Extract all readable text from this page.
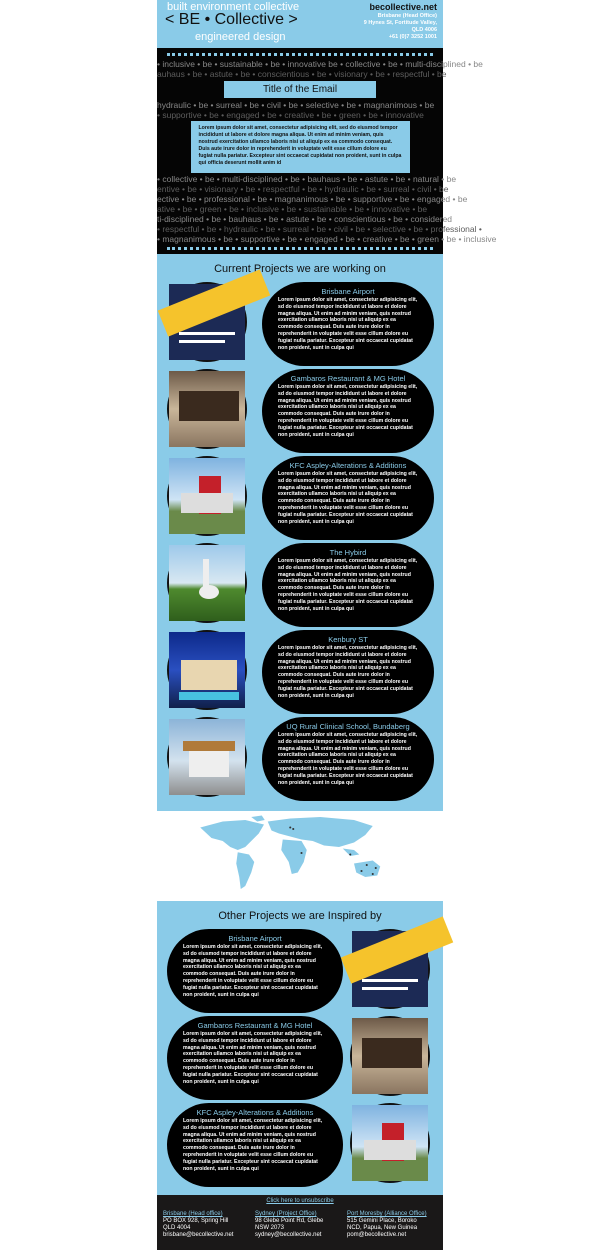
built environment collective
< BE • Collective >
engineered design
becollective.net
Brisbane (Head Office)
9 Hynes St, Fortitude Valley,
QLD 4006
+61 (0)7 3252 1001
• inclusive • be • sustainable • be • innovative be • collective • be • multi-disciplined • be
auhaus • be • astute • be • conscientious • be • visionary • be • respectful • be
Title of the Email
hydraulic • be • surreal • be • civil • be • selective • be • magnanimous • be
• supportive • be • engaged • be • creative • be • green • be • innovative
Lorem ipsum dolor sit amet, consectetur adipisicing elit, sed do eiusmod tempor incididunt ut labore et dolore magna aliqua. Ut enim ad minim veniam, quis nostrud exercitation ullamco laboris nisi ut aliquip ex ea commodo consequat. Duis aute irure dolor in reprehenderit in voluptate velit esse cillum dolore eu fugiat nulla pariatur. Excepteur sint occaecat cupidatat non proident, sunt in culpa qui officia deserunt mollit anim id
• collective • be • multi-disciplined • be • bauhaus • be • astute • be • natural • be
entive • be • visionary • be • respectful • be • hydraulic • be • surreal • civil • be
ective • be • professional • be • magnanimous • be • supportive • be • engaged • be
ative • be • green • be • inclusive • be • sustainable • be • innovative • be
ti-disciplined • be • bauhaus • be • astute • be • conscientious • be • considered
• respectful • be • hydraulic • be • surreal • be • civil • be • selective • be • professional •
• magnanimous • be • supportive • be • engaged • be • creative • be • green • be • inclusive
Current Projects we are working on
Brisbane Airport

Lorem ipsum dolor sit amet, consectetur adipisicing elit, sd do eiusmod tempor incididunt ut labore et dolore magna aliqua. Ut enim ad minim veniam, quis nostrud exercitation ullamco laboris nisi ut aliquip ex ea commodo consequat. Duis aute irure dolor in reprehenderit in voluptate velit esse cillum dolore eu fugiat nulla pariatur. Excepteur sint occaecat cupidatat non proident, sunt in culpa qui

Gambaros Restaurant & MG Hotel

Lorem ipsum dolor sit amet, consectetur adipisicing elit, sd do eiusmod tempor incididunt ut labore et dolore magna aliqua. Ut enim ad minim veniam, quis nostrud exercitation ullamco laboris nisi ut aliquip ex ea commodo consequat. Duis aute irure dolor in reprehenderit in voluptate velit esse cillum dolore eu fugiat nulla pariatur. Excepteur sint occaecat cupidatat non proident, sunt in culpa qui

KFC Aspley-Alterations & Additions

Lorem ipsum dolor sit amet, consectetur adipisicing elit, sd do eiusmod tempor incididunt ut labore et dolore magna aliqua. Ut enim ad minim veniam, quis nostrud exercitation ullamco laboris nisi ut aliquip ex ea commodo consequat. Duis aute irure dolor in reprehenderit in voluptate velit esse cillum dolore eu fugiat nulla pariatur. Excepteur sint occaecat cupidatat non proident, sunt in culpa qui

The Hybird

Lorem ipsum dolor sit amet, consectetur adipisicing elit, sd do eiusmod tempor incididunt ut labore et dolore magna aliqua. Ut enim ad minim veniam, quis nostrud exercitation ullamco laboris nisi ut aliquip ex ea commodo consequat. Duis aute irure dolor in reprehenderit in voluptate velit esse cillum dolore eu fugiat nulla pariatur. Excepteur sint occaecat cupidatat non proident, sunt in culpa qui

Kenbury ST

Lorem ipsum dolor sit amet, consectetur adipisicing elit, sd do eiusmod tempor incididunt ut labore et dolore magna aliqua. Ut enim ad minim veniam, quis nostrud exercitation ullamco laboris nisi ut aliquip ex ea commodo consequat. Duis aute irure dolor in reprehenderit in voluptate velit esse cillum dolore eu fugiat nulla pariatur. Excepteur sint occaecat cupidatat non proident, sunt in culpa qui

UQ Rural Clinical School, Bundaberg

Lorem ipsum dolor sit amet, consectetur adipisicing elit, sd do eiusmod tempor incididunt ut labore et dolore magna aliqua. Ut enim ad minim veniam, quis nostrud exercitation ullamco laboris nisi ut aliquip ex ea commodo consequat. Duis aute irure dolor in reprehenderit in voluptate velit esse cillum dolore eu fugiat nulla pariatur. Excepteur sint occaecat cupidatat non proident, sunt in culpa qui

Other Projects we are Inspired by
Brisbane Airport

Lorem ipsum dolor sit amet, consectetur adipisicing elit, sd do eiusmod tempor incididunt ut labore et dolore magna aliqua. Ut enim ad minim veniam, quis nostrud exercitation ullamco laboris nisi ut aliquip ex ea commodo consequat. Duis aute irure dolor in reprehenderit in voluptate velit esse cillum dolore eu fugiat nulla pariatur. Excepteur sint occaecat cupidatat non proident, sunt in culpa qui

Gambaros Restaurant & MG Hotel

Lorem ipsum dolor sit amet, consectetur adipisicing elit, sd do eiusmod tempor incididunt ut labore et dolore magna aliqua. Ut enim ad minim veniam, quis nostrud exercitation ullamco laboris nisi ut aliquip ex ea commodo consequat. Duis aute irure dolor in reprehenderit in voluptate velit esse cillum dolore eu fugiat nulla pariatur. Excepteur sint occaecat cupidatat non proident, sunt in culpa qui

KFC Aspley-Alterations & Additions

Lorem ipsum dolor sit amet, consectetur adipisicing elit, sd do eiusmod tempor incididunt ut labore et dolore magna aliqua. Ut enim ad minim veniam, quis nostrud exercitation ullamco laboris nisi ut aliquip ex ea commodo consequat. Duis aute irure dolor in reprehenderit in voluptate velit esse cillum dolore eu fugiat nulla pariatur. Excepteur sint occaecat cupidatat non proident, sunt in culpa qui

Click here to unsubscribe
Brisbane (Head office)
PO BOX 928, Spring Hill
QLD 4004
brisbane@becollective.net
Sydney (Project Office)
98 Glebe Point Rd, Glebe
NSW 2073
sydney@becollective.net
Port Moresby (Alliance Office)
515 Gemini Place, Boroko
NCD, Papua, New Guinea
pom@becollective.net
